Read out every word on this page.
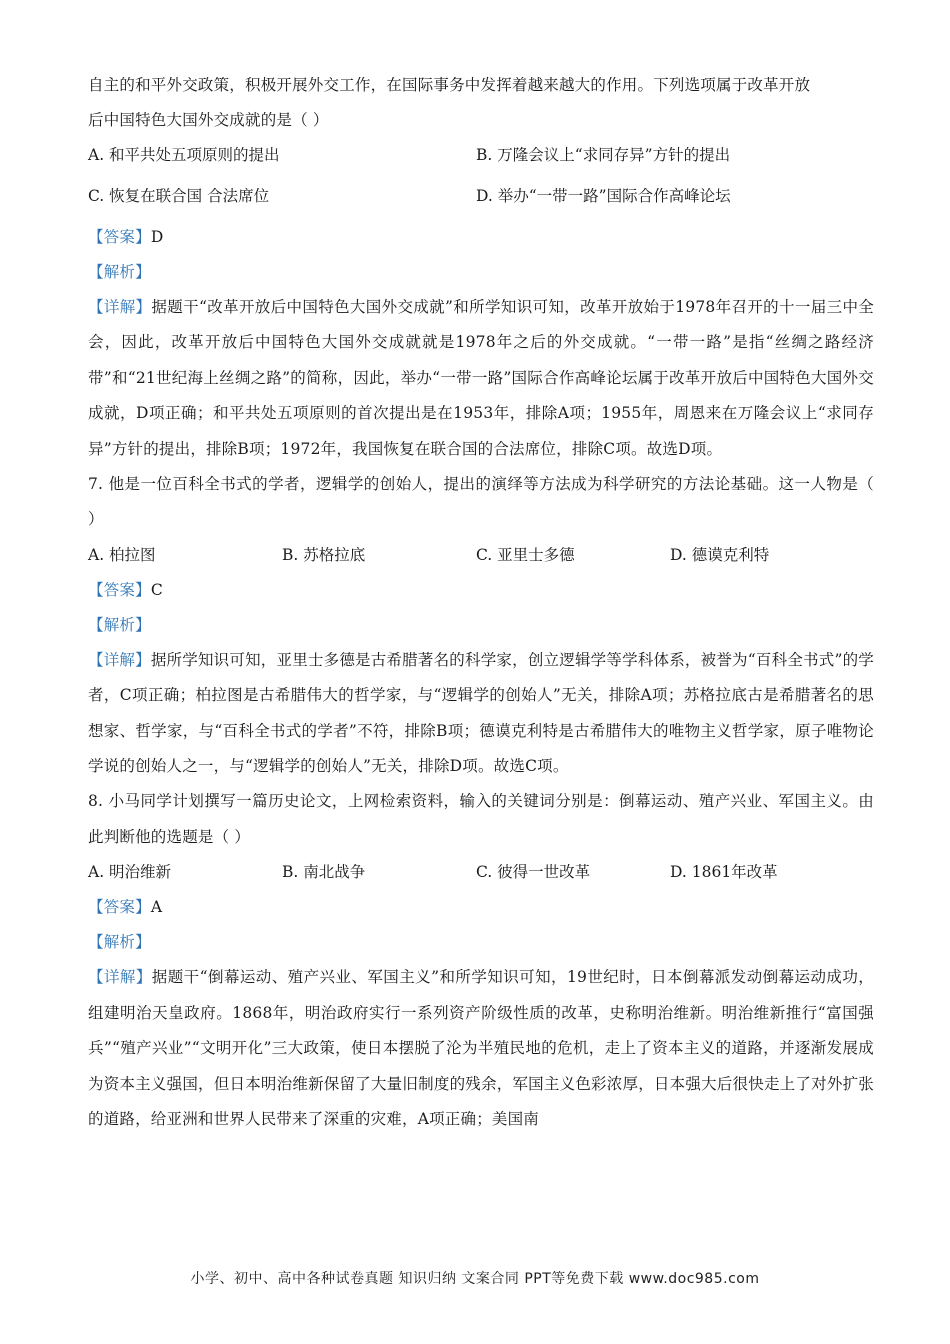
自主的和平外交政策，积极开展外交工作，在国际事务中发挥着越来越大的作用。下列选项属于改革开放
后中国特色大国外交成就的是（ ）
A. 和平共处五项原则的提出	B. 万隆会议上“求同存异”方针的提出
C. 恢复在联合国 合法席位	D. 举办“一带一路”国际合作高峰论坛
【答案】D
【解析】
【详解】据题干“改革开放后中国特色大国外交成就”和所学知识可知，改革开放始于1978年召开的十一届三中全会，因此，改革开放后中国特色大国外交成就就是1978年之后的外交成就。“一带一路”是指“丝绸之路经济带”和“21世纪海上丝绸之路”的简称，因此，举办“一带一路”国际合作高峰论坛属于改革开放后中国特色大国外交成就，D项正确；和平共处五项原则的首次提出是在1953年，排除A项；1955年，周恩来在万隆会议上“求同存异”方针的提出，排除B项；1972年，我国恢复在联合国的合法席位，排除C项。故选D项。
7. 他是一位百科全书式的学者，逻辑学的创始人，提出的演绎等方法成为科学研究的方法论基础。这一人物是（ ）
A. 柏拉图	B. 苏格拉底	C. 亚里士多德	D. 德谟克利特
【答案】C
【解析】
【详解】据所学知识可知，亚里士多德是古希腊著名的科学家，创立逻辑学等学科体系，被誉为“百科全书式”的学者，C项正确；柏拉图是古希腊伟大的哲学家，与“逻辑学的创始人”无关，排除A项；苏格拉底古是希腊著名的思想家、哲学家，与“百科全书式的学者”不符，排除B项；德谟克利特是古希腊伟大的唯物主义哲学家，原子唯物论学说的创始人之一，与“逻辑学的创始人”无关，排除D项。故选C项。
8. 小马同学计划撰写一篇历史论文，上网检索资料，输入的关键词分别是：倒幕运动、殖产兴业、军国主义。由此判断他的选题是（ ）
A. 明治维新	B. 南北战争	C. 彼得一世改革	D. 1861年改革
【答案】A
【解析】
【详解】据题干“倒幕运动、殖产兴业、军国主义”和所学知识可知，19世纪时，日本倒幕派发动倒幕运动成功，组建明治天皇政府。1868年，明治政府实行一系列资产阶级性质的改革，史称明治维新。明治维新推行“富国强兵”“殖产兴业”“文明开化”三大政策，使日本摆脱了沦为半殖民地的危机，走上了资本主义的道路，并逐渐发展成为资本主义强国，但日本明治维新保留了大量旧制度的残余，军国主义色彩浓厚，日本强大后很快走上了对外扩张的道路，给亚洲和世界人民带来了深重的灾难，A项正确；美国南
小学、初中、高中各种试卷真题 知识归纳 文案合同 PPT等免费下载 www.doc985.com
